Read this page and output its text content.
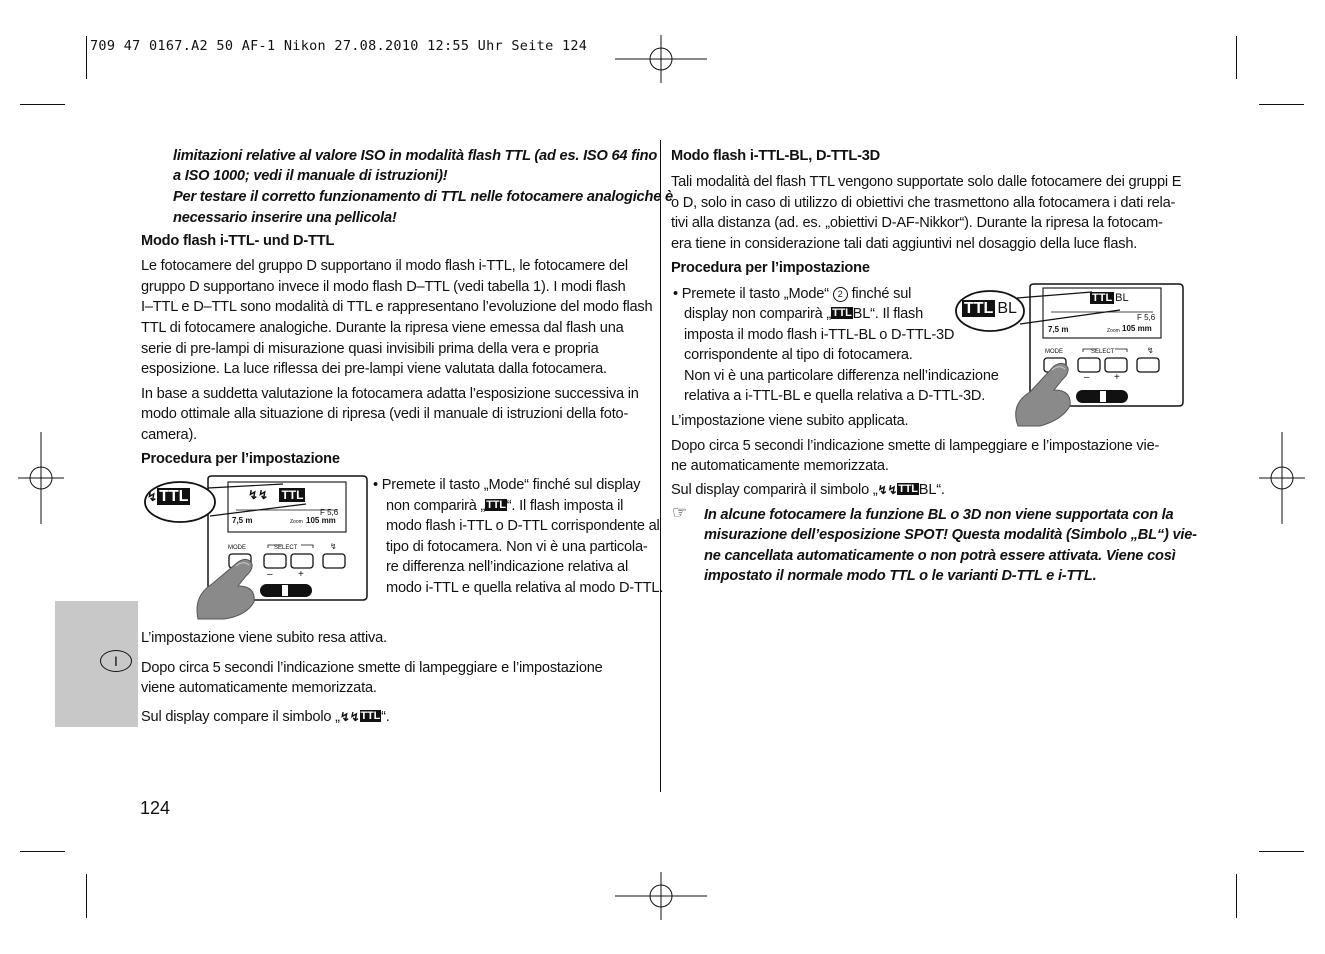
709 47 0167.A2 50 AF-1 Nikon 27.08.2010 12:55 Uhr Seite 124
I
limitazioni relative al valore ISO in modalità flash TTL (ad es. ISO 64 fino
a ISO 1000; vedi il manuale di istruzioni)!
Per testare il corretto funzionamento di TTL nelle fotocamere analogiche è
necessario inserire una pellicola!
Modo flash i-TTL- und D-TTL
Le fotocamere del gruppo D supportano il modo flash i-TTL, le fotocamere del
gruppo D supportano invece il modo flash D–TTL (vedi tabella 1). I modi flash
I–TTL e D–TTL sono modalità di TTL e rappresentano l’evoluzione del modo flash
TTL di fotocamere analogiche. Durante la ripresa viene emessa dal flash una
serie di pre-lampi di misurazione quasi invisibili prima della vera e propria
esposizione. La luce riflessa dei pre-lampi viene valutata dalla fotocamera.
In base a suddetta valutazione la fotocamera adatta l’esposizione successiva in
modo ottimale alla situazione di ripresa (vedi il manuale di istruzioni della foto-
camera).
Procedura per l’impostazione
↯ TTL	↯↯ TTL
F 5,6
7,5 m	Zoom 105 mm
MODE	SELECT	↯
–	+
• Premete il tasto „Mode“ finché sul display
non comparirà „TTL“. Il flash imposta il
modo flash i-TTL o D-TTL corrispondente al
tipo di fotocamera. Non vi è una particola-
re differenza nell’indicazione relativa al
modo i-TTL e quella relativa al modo D-TTL.
L’impostazione viene subito resa attiva.
Dopo circa 5 secondi l’indicazione smette di lampeggiare e l’impostazione
viene automaticamente memorizzata.
Sul display compare il simbolo „↯↯TTL“.
124
Modo flash i-TTL-BL, D-TTL-3D
Tali modalità del flash TTL vengono supportate solo dalle fotocamere dei gruppi E
o D, solo in caso di utilizzo di obiettivi che trasmettono alla fotocamera i dati rela-
tivi alla distanza (ad. es. „obiettivi D-AF-Nikkor“). Durante la ripresa la fotocam-
era tiene in considerazione tali dati aggiuntivi nel dosaggio della luce flash.
Procedura per l’impostazione
TTL BL
TTL BL
F 5,6
7,5 m	Zoom 105 mm
MODE	SELECT	↯
– +
• Premete il tasto „Mode“ 2 finché sul
display non comparirà „TTLBL“. Il flash
imposta il modo flash i-TTL-BL o D-TTL-3D
corrispondente al tipo di fotocamera.
Non vi è una particolare differenza nell’indicazione
relativa a i-TTL-BL e quella relativa a D-TTL-3D.
L’impostazione viene subito applicata.
Dopo circa 5 secondi l’indicazione smette di lampeggiare e l’impostazione vie-
ne automaticamente memorizzata.
Sul display comparirà il simbolo „↯↯TTLBL“.
☞ In alcune fotocamere la funzione BL o 3D non viene supportata con la
misurazione dell’esposizione SPOT! Questa modalità (Simbolo „BL“) vie-
ne cancellata automaticamente o non potrà essere attivata. Viene così
impostato il normale modo TTL o le varianti D-TTL e i-TTL.
